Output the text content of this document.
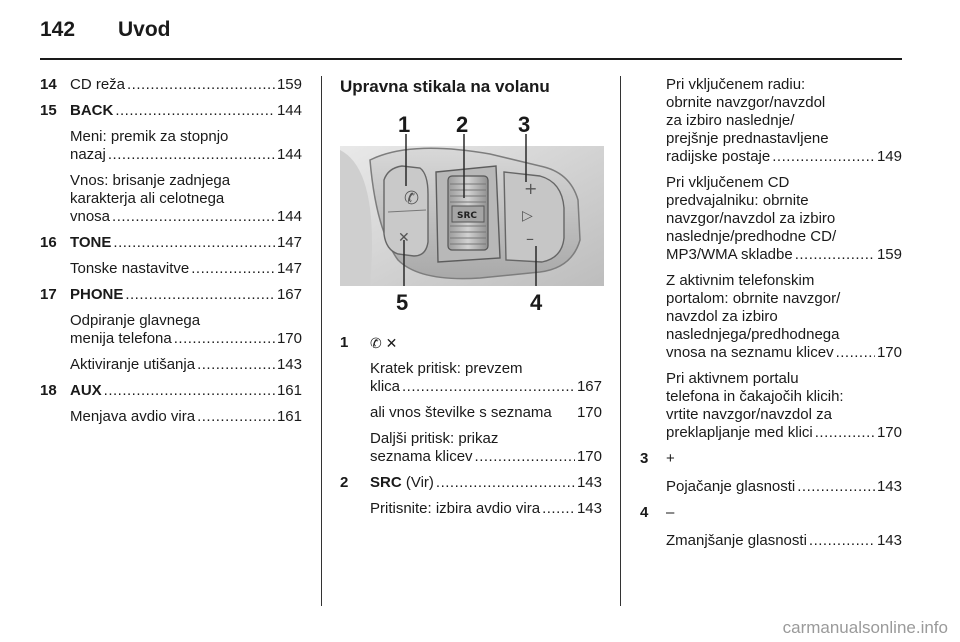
142 Uvod
14 CD reža .....	159
15 BACK .....	144
Meni: premik za stopnjo
nazaj .....	144
Vnos: brisanje zadnjega
karakterja ali celotnega
vnosa .....	144
16 TONE .....	147
Tonske nastavitve .....	147
17 PHONE .....	167
Odpiranje glavnega
menija telefona .....	170
Aktiviranje utišanja .....	143
18 AUX .....	161
Menjava avdio vira .....	161
Upravna stikala na volanu
✆
✕
SRC
+
▷
–
1 2 3
4
5
1 ✆ ✕
Kratek pritisk: prevzem
klica .....	167
ali vnos številke s seznama 170
Daljši pritisk: prikaz
seznama klicev .....	170
2 SRC (Vir) .....	143
Pritisnite: izbira avdio vira ..... 143
Pri vključenem radiu:
obrnite navzgor/navzdol
za izbiro naslednje/
prejšnje prednastavljene
radijske postaje .....	149
Pri vključenem CD
predvajalniku: obrnite
navzgor/navzdol za izbiro
naslednje/predhodne CD/
MP3/WMA skladbe .....	159
Z aktivnim telefonskim
portalom: obrnite navzgor/
navzdol za izbiro
naslednjega/predhodnega
vnosa na seznamu klicev .....	170
Pri aktivnem portalu
telefona in čakajočih klicih:
vrtite navzgor/navzdol za
preklapljanje med klici .....	170
3 +
Pojačanje glasnosti .....	143
4 –
Zmanjšanje glasnosti .....	143
carmanualsonline.info
